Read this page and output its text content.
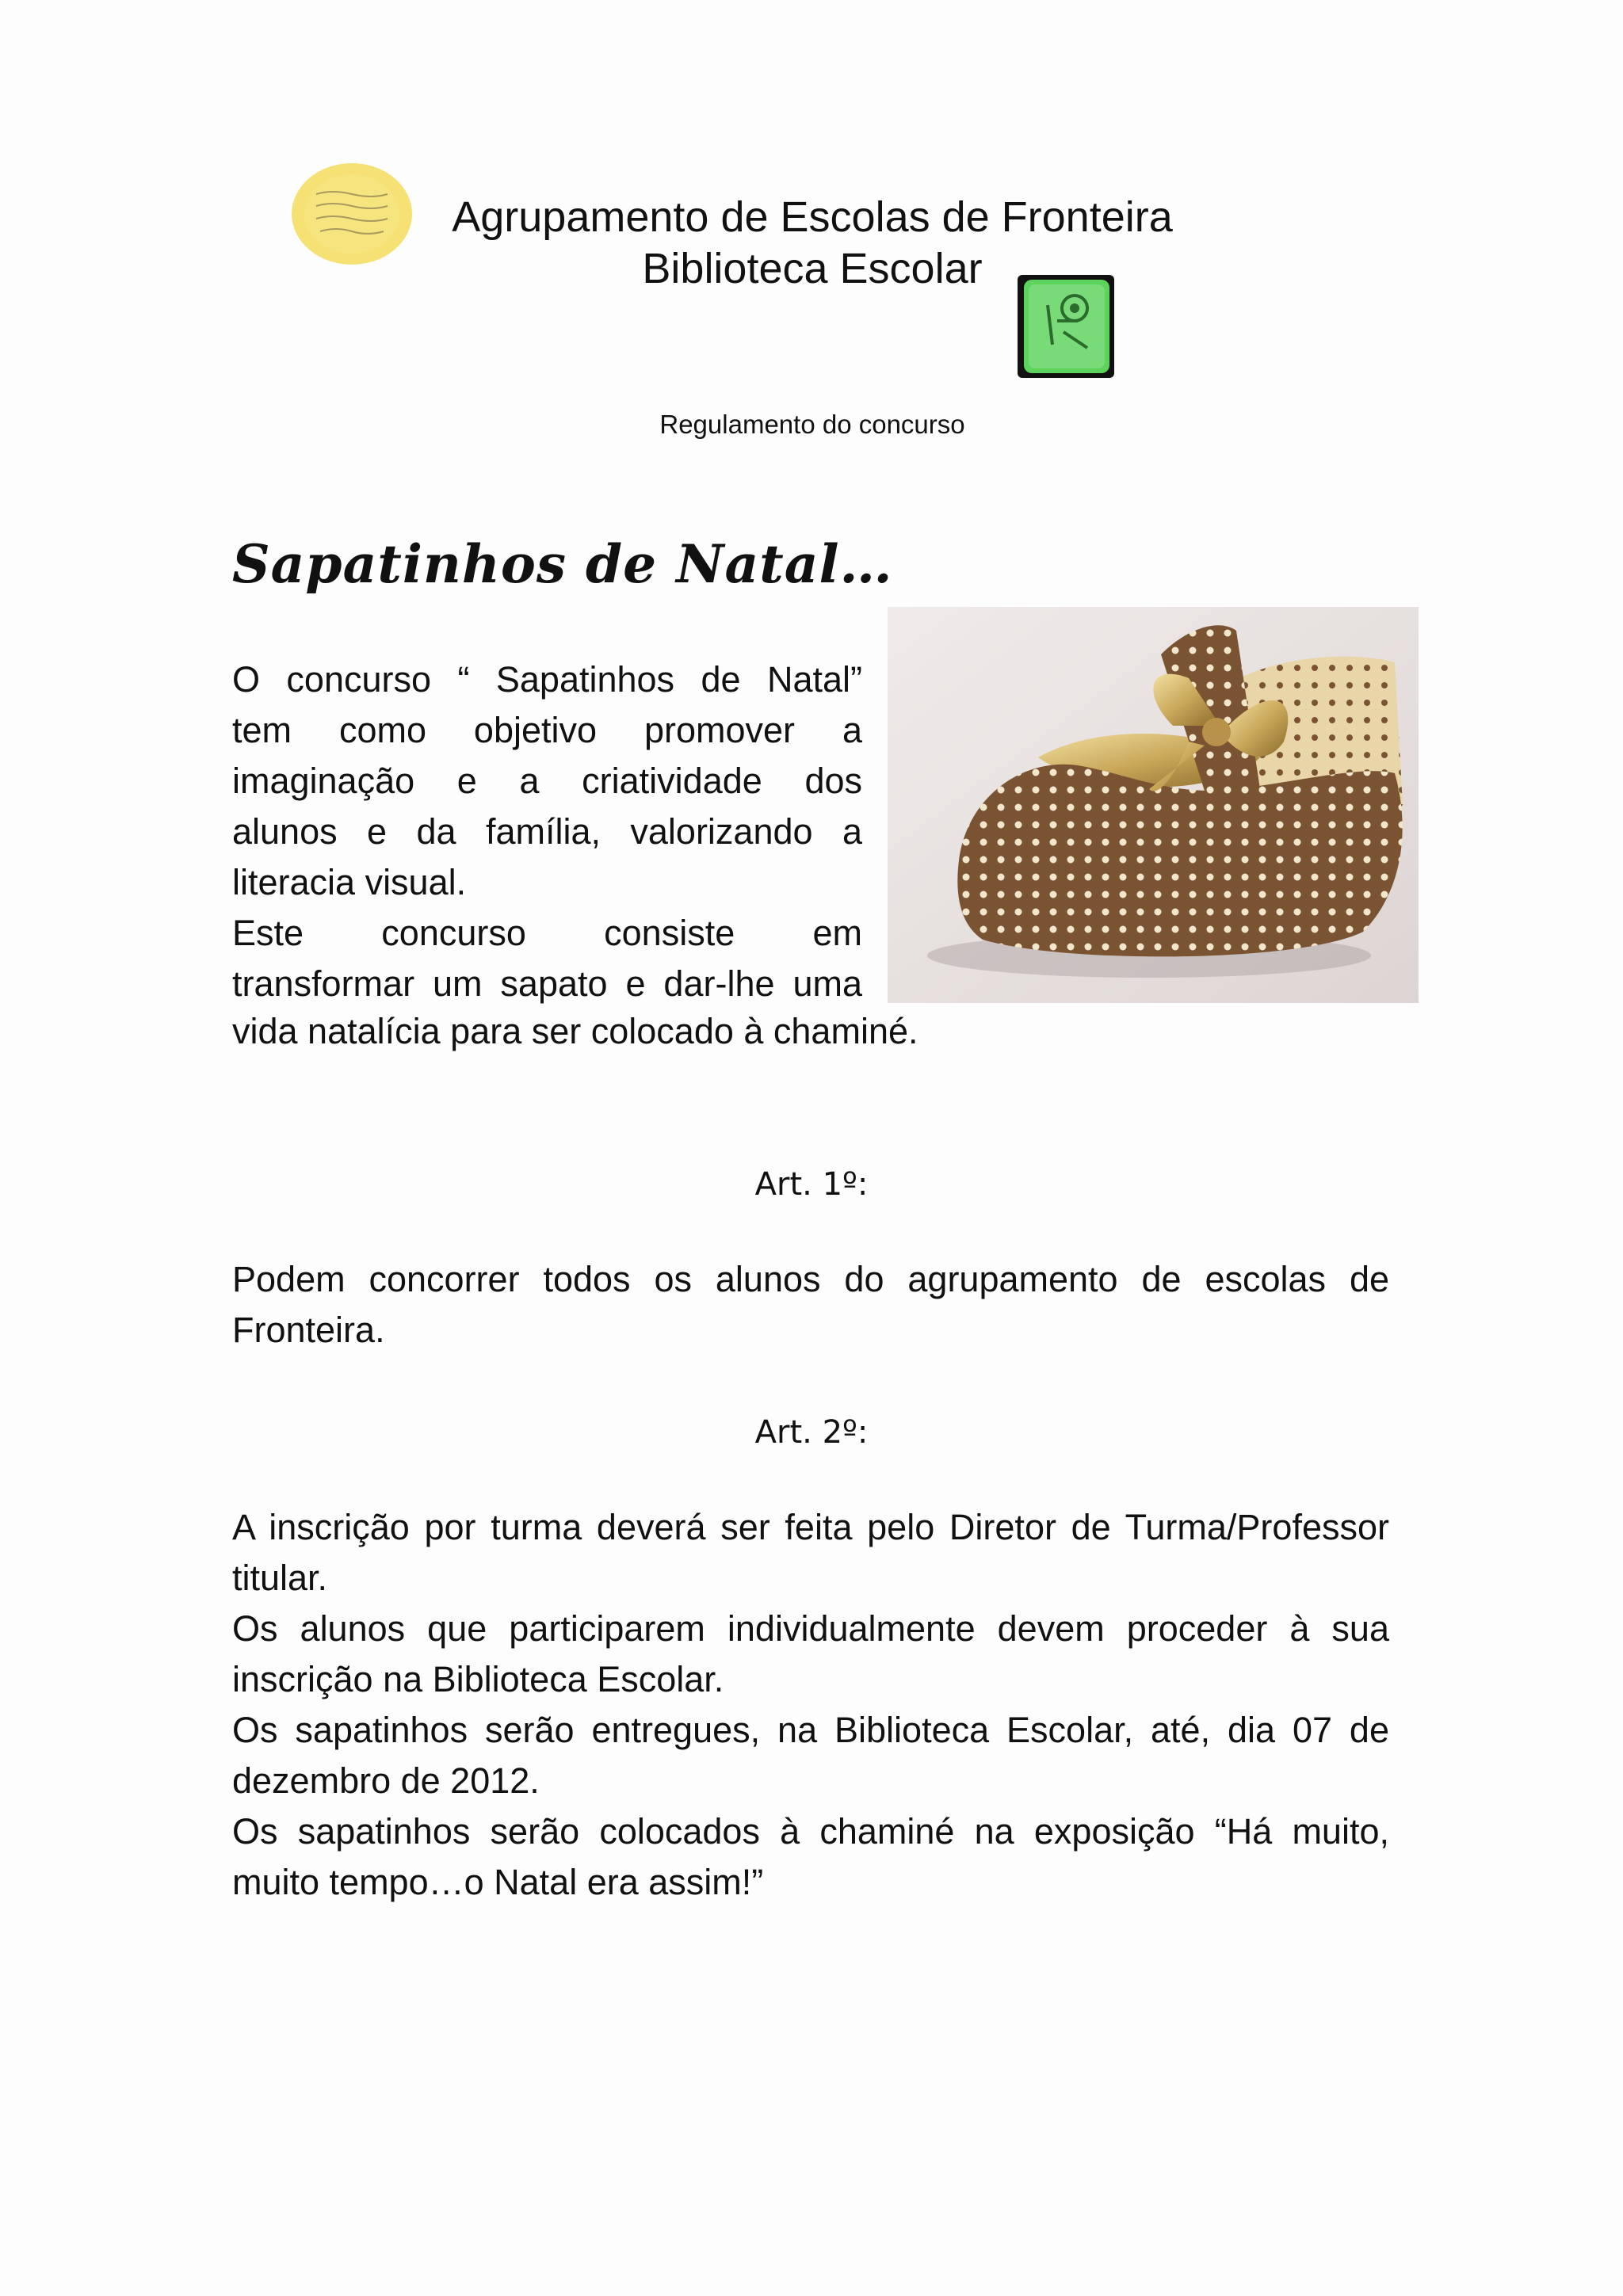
Agrupamento de Escolas de Fronteira
Biblioteca Escolar
Regulamento do concurso
Sapatinhos de Natal…
O concurso “ Sapatinhos de Natal”
tem como objetivo promover a
imaginação e a criatividade dos
alunos e da família, valorizando a
literacia visual.
Este concurso consiste em
transformar um sapato e dar-lhe uma
vida natalícia para ser colocado à chaminé.
Art. 1º:

Podem concorrer todos os alunos do agrupamento de escolas de Fronteira.

Art. 2º:

A inscrição por turma deverá ser feita pelo Diretor de Turma/Professor titular.

Os alunos que participarem individualmente devem proceder à sua inscrição na Biblioteca Escolar.

Os sapatinhos serão entregues, na Biblioteca Escolar, até, dia 07 de dezembro de 2012.

Os sapatinhos serão colocados à chaminé na exposição “Há muito, muito tempo…o Natal era assim!”
